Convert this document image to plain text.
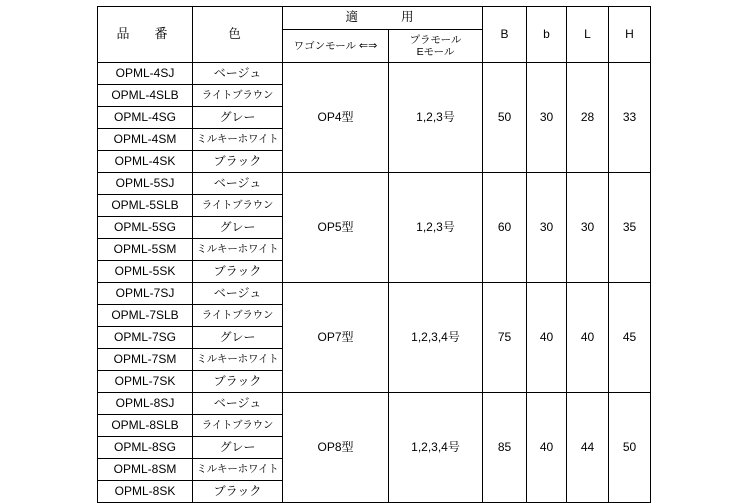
品　番	色	適　　用		B	b	L	H

		ワゴンモール ⇐⇒	プラモール
Eモール				

OPML-4SJ	ベージュ	OP4型	1,2,3号	50	30	28	33
OPML-4SLB	ライトブラウン						
OPML-4SG	グレー						
OPML-4SM	ミルキーホワイト						
OPML-4SK	ブラック						
OPML-5SJ	ベージュ	OP5型	1,2,3号	60	30	30	35
OPML-5SLB	ライトブラウン						
OPML-5SG	グレー						
OPML-5SM	ミルキーホワイト						
OPML-5SK	ブラック						
OPML-7SJ	ベージュ	OP7型	1,2,3,4号	75	40	40	45
OPML-7SLB	ライトブラウン						
OPML-7SG	グレー						
OPML-7SM	ミルキーホワイト						
OPML-7SK	ブラック						
OPML-8SJ	ベージュ	OP8型	1,2,3,4号	85	40	44	50
OPML-8SLB	ライトブラウン						
OPML-8SG	グレー						
OPML-8SM	ミルキーホワイト						
OPML-8SK	ブラック						
